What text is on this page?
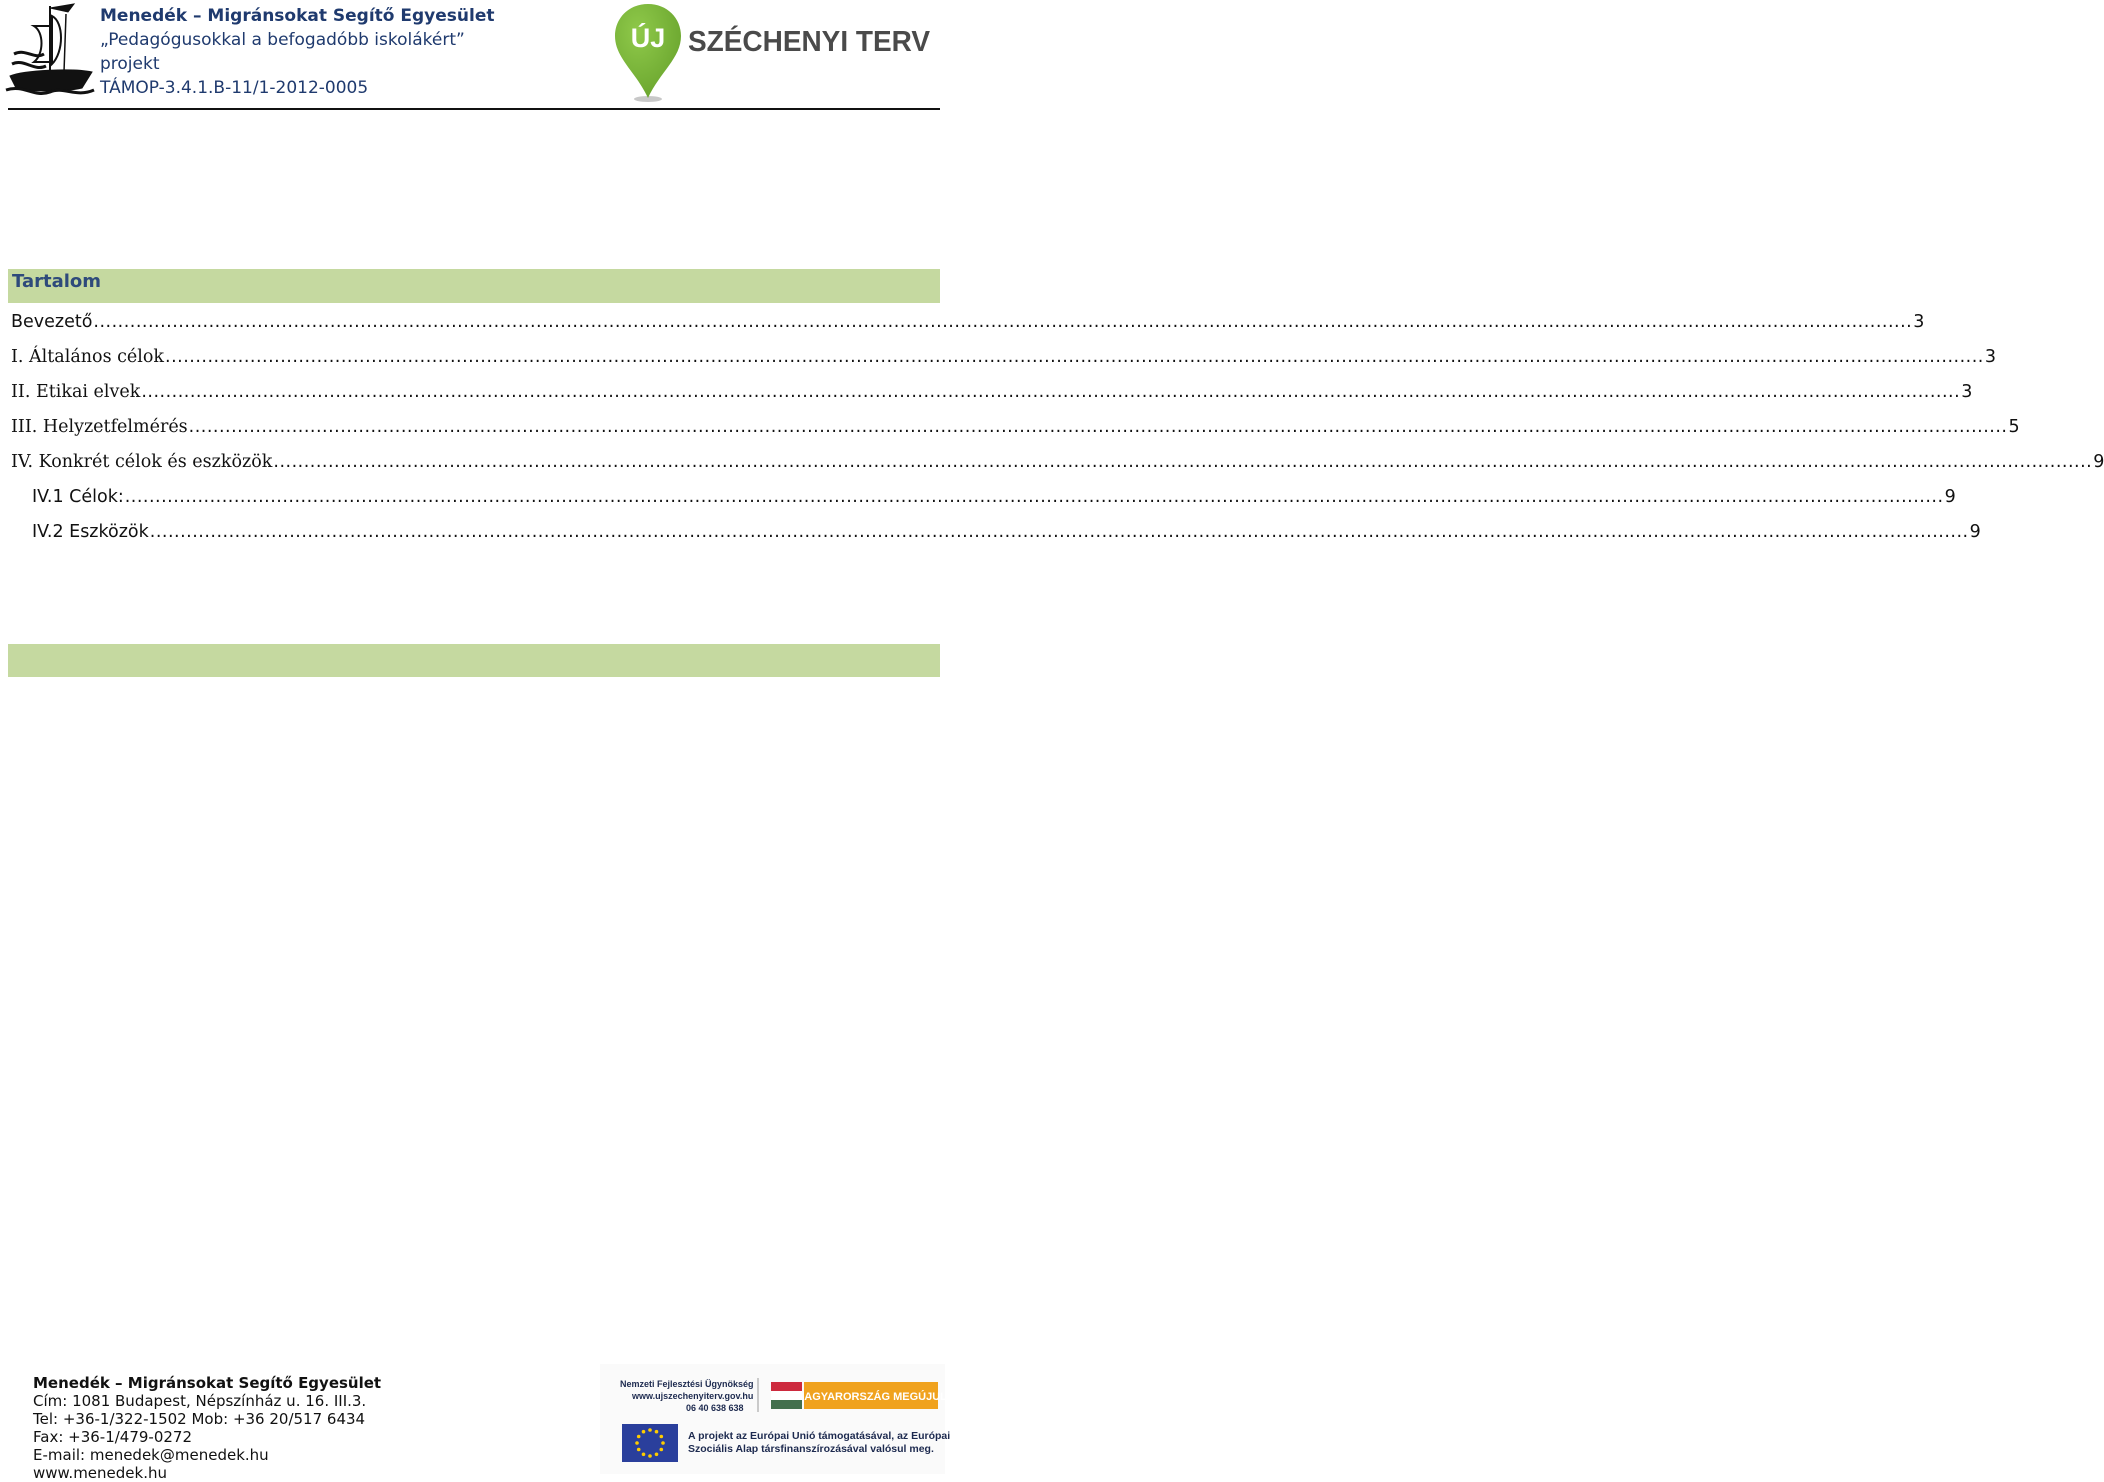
Menedék – Migránsokat Segítő Egyesület
„Pedagógusokkal a befogadóbb iskolákért”
projekt
TÁMOP-3.4.1.B-11/1-2012-0005
ÚJ SZÉCHENYI TERV
Tartalom
Bevezető ............................................................................................................................................................................................................................................................................................................ 3
I. Általános célok ............................................................................................................................................................................................................................................................................................................ 3
II. Etikai elvek ............................................................................................................................................................................................................................................................................................................ 3
III. Helyzetfelmérés ............................................................................................................................................................................................................................................................................................................ 5
IV. Konkrét célok és eszközök ............................................................................................................................................................................................................................................................................................................ 9
IV.1 Célok: ............................................................................................................................................................................................................................................................................................................ 9
IV.2 Eszközök ............................................................................................................................................................................................................................................................................................................ 9
Menedék – Migránsokat Segítő Egyesület
Cím: 1081 Budapest, Népszínház u. 16. III.3.
Tel: +36-1/322-1502 Mob: +36 20/517 6434
Fax: +36-1/479-0272
E-mail: menedek@menedek.hu
www.menedek.hu
Nemzeti Fejlesztési Ügynökség
www.ujszechenyiterv.gov.hu
06 40 638 638
MAGYARORSZÁG MEGÚJUL
A projekt az Európai Unió támogatásával, az Európai
Szociális Alap társfinanszírozásával valósul meg.
